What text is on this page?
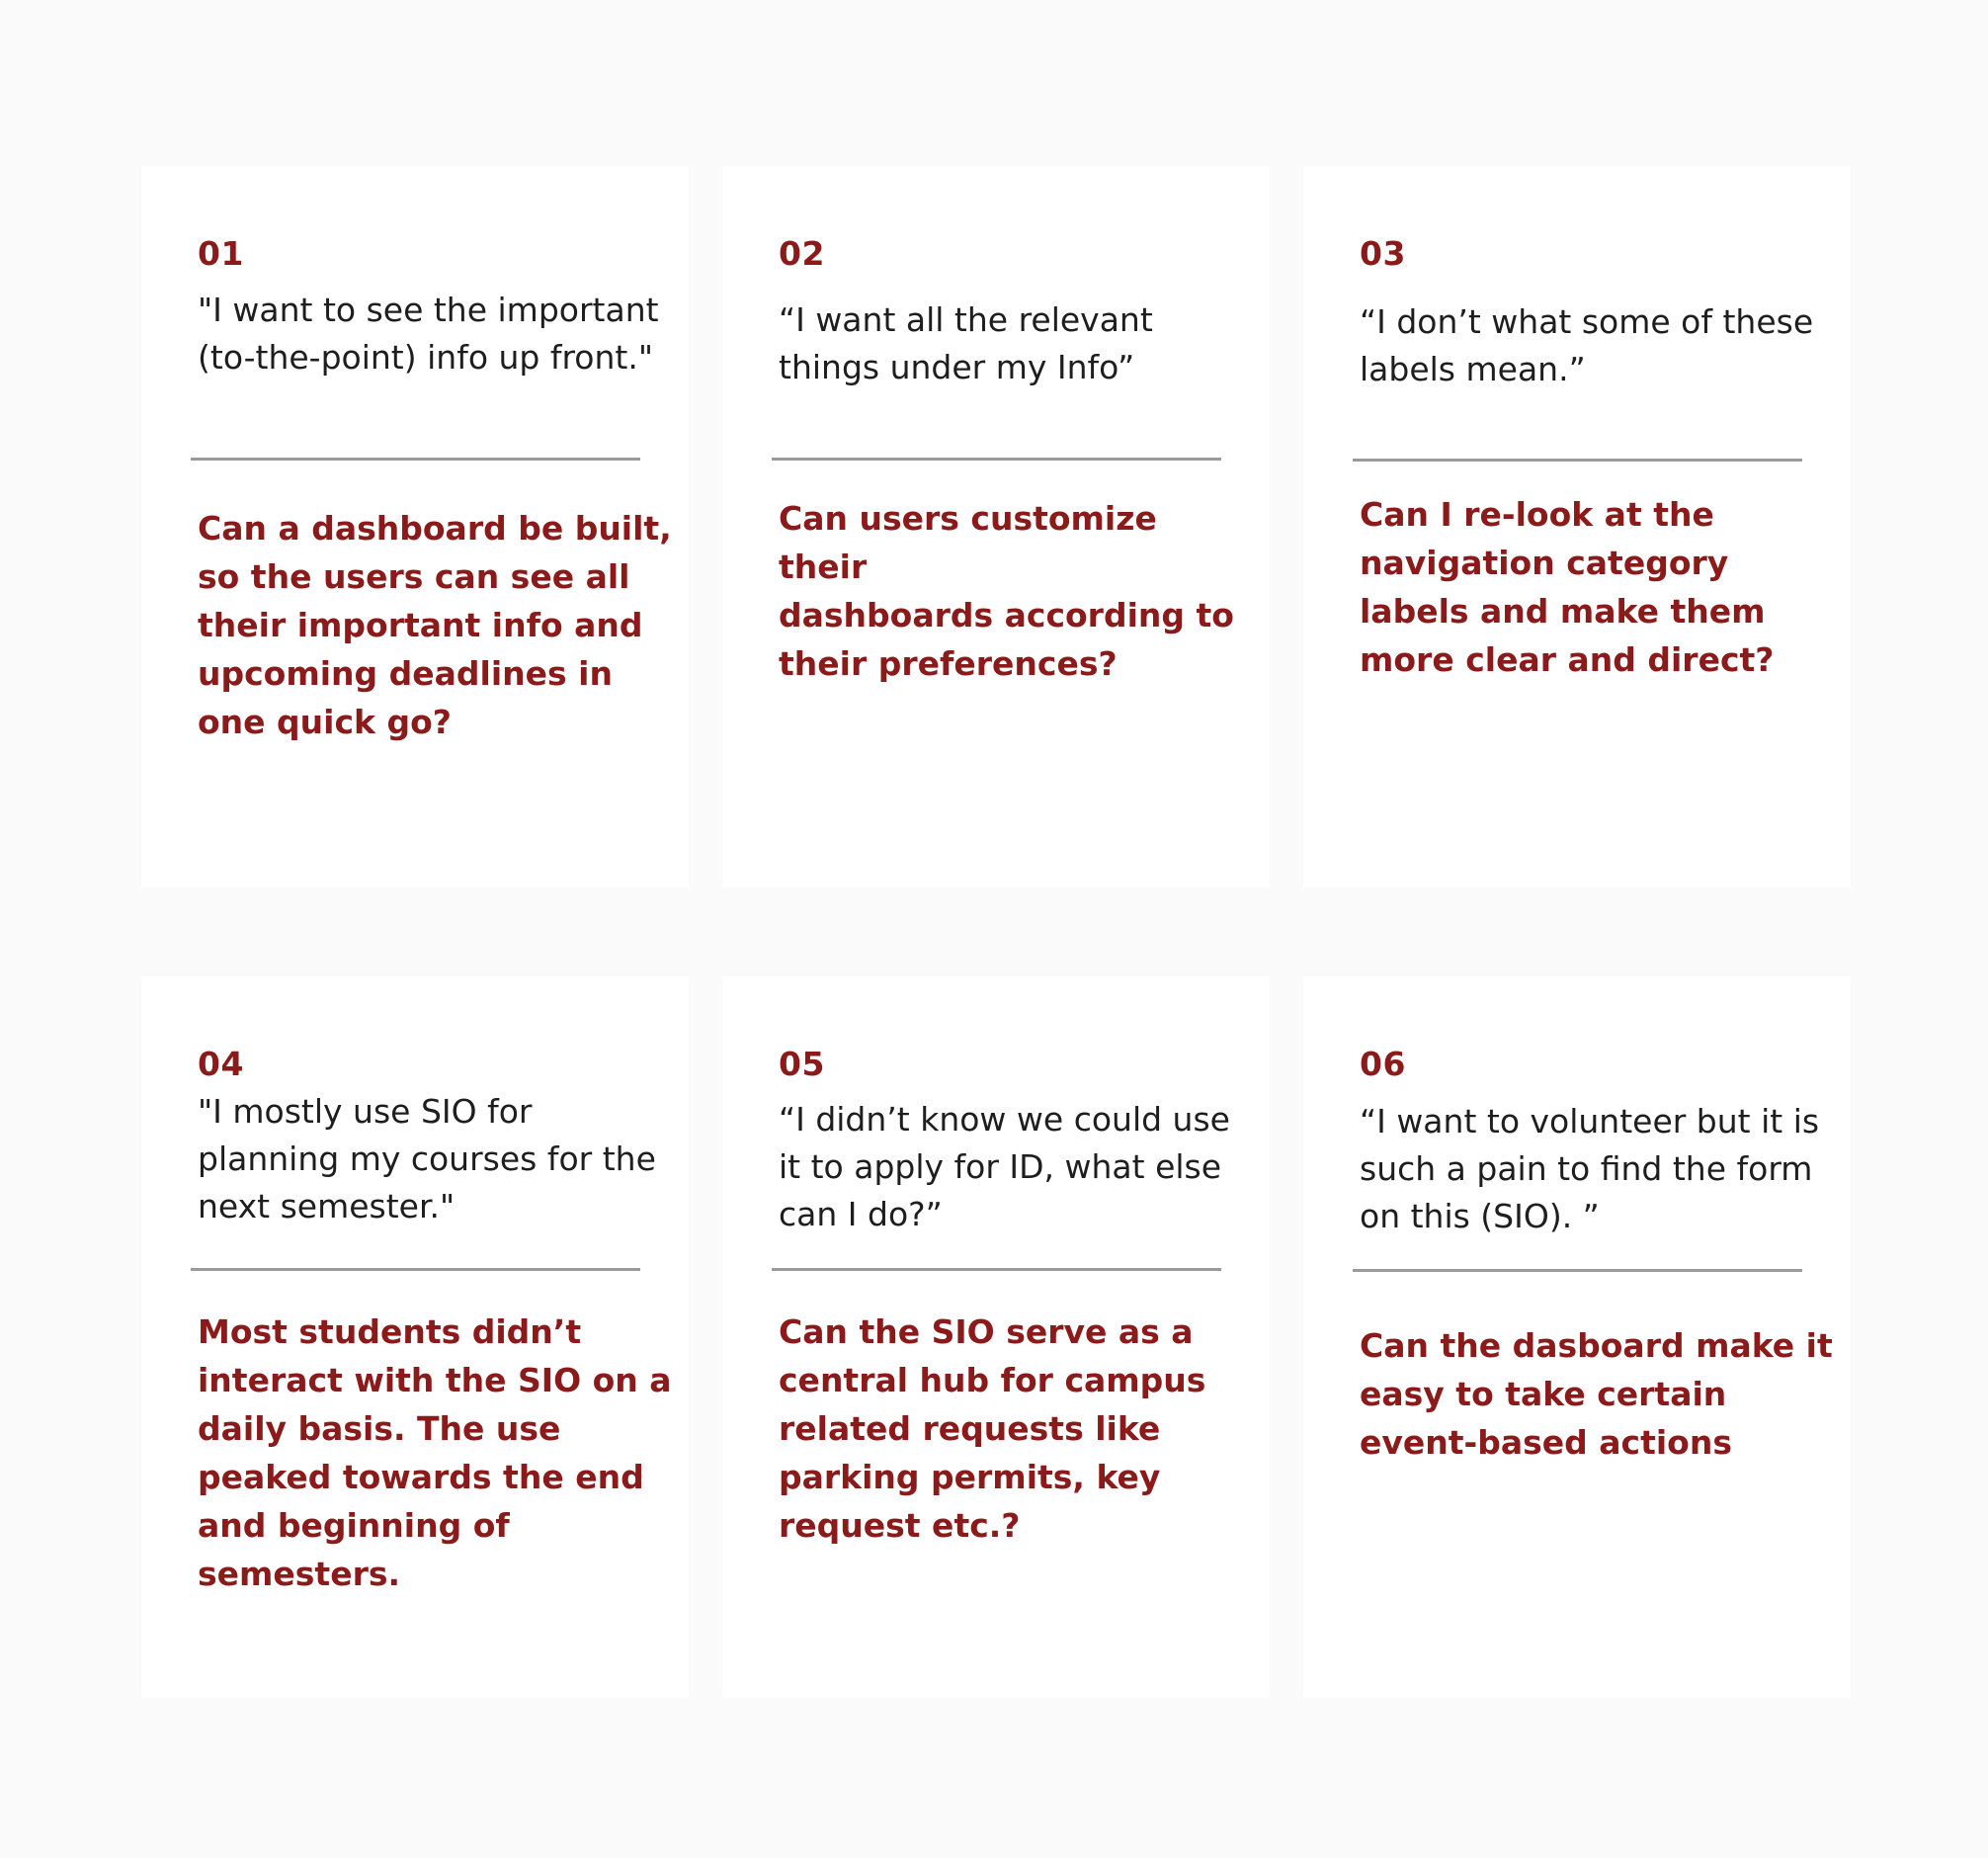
01
"I want to see the important
(to-the-point) info up front."
Can a dashboard be built,
so the users can see all
their important info and
upcoming deadlines in
one quick go?
02
“I want all the relevant
things under my Info”
Can users customize their
dashboards according to
their preferences?
03
“I don’t what some of these
labels mean.”
Can I re-look at the
navigation category
labels and make them
more clear and direct?
04
"I mostly use SIO for
planning my courses for the
next semester."
Most students didn’t
interact with the SIO on a
daily basis. The use
peaked towards the end
and beginning of
semesters.
05
“I didn’t know we could use
it to apply for ID, what else
can I do?”
Can the SIO serve as a
central hub for campus
related requests like
parking permits, key
request etc.?
06
“I want to volunteer but it is
such a pain to find the form
on this (SIO). ”
Can the dasboard make it
easy to take certain
event-based actions
